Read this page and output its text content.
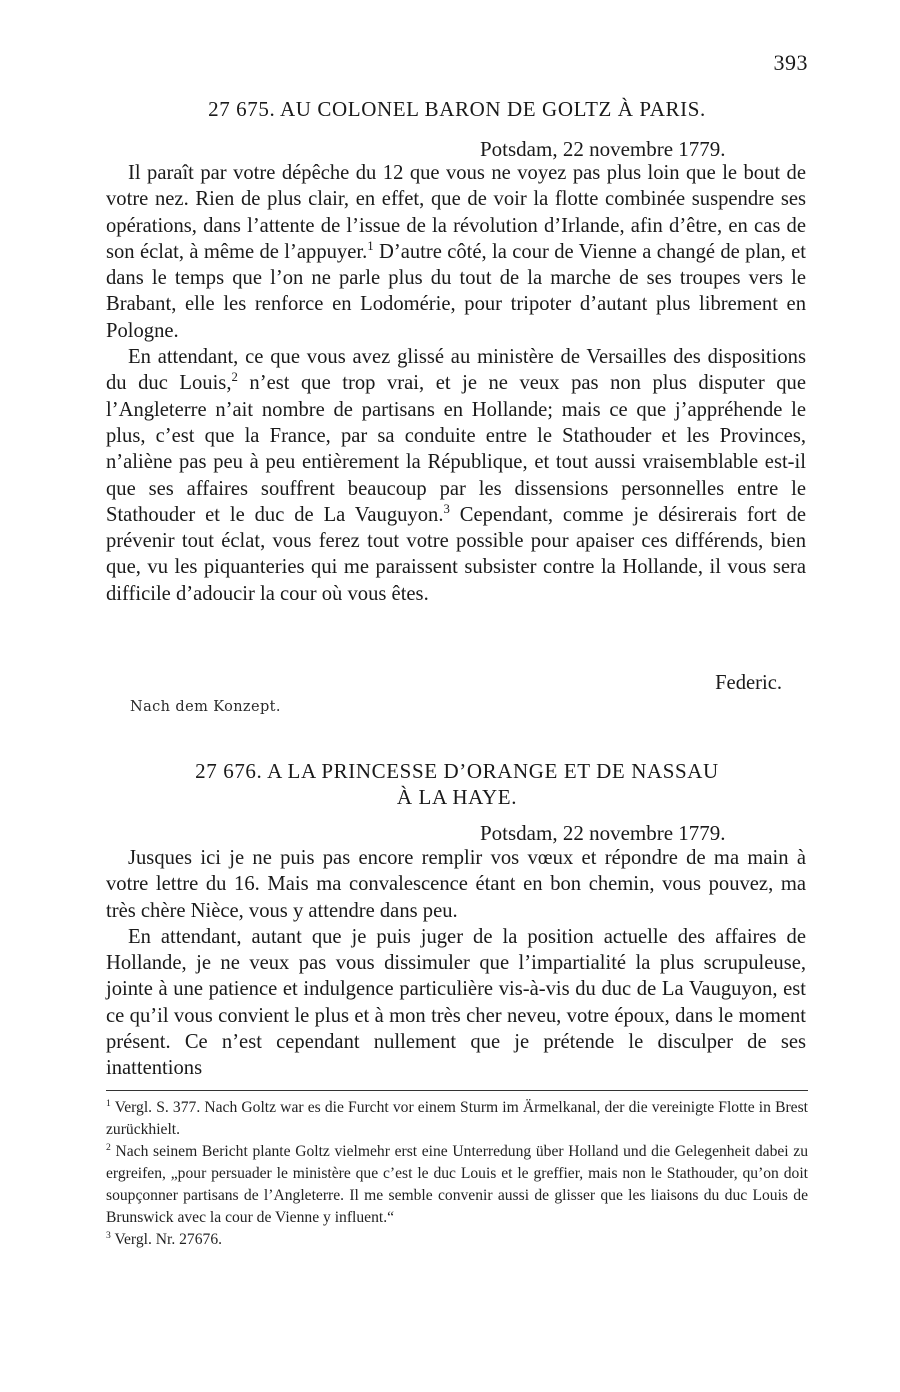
393
27 675. AU COLONEL BARON DE GOLTZ À PARIS.
Potsdam, 22 novembre 1779.

Il paraît par votre dépêche du 12 que vous ne voyez pas plus loin que le bout de votre nez. Rien de plus clair, en effet, que de voir la flotte combinée suspendre ses opérations, dans l’attente de l’issue de la révolution d’Irlande, afin d’être, en cas de son éclat, à même de l’appuyer.$^1$ D’autre côté, la cour de Vienne a changé de plan, et dans le temps que l’on ne parle plus du tout de la marche de ses troupes vers le Brabant, elle les renforce en Lodomérie, pour tripoter d’autant plus librement en Pologne.

En attendant, ce que vous avez glissé au ministère de Versailles des dispositions du duc Louis,$^2$ n’est que trop vrai, et je ne veux pas non plus disputer que l’Angleterre n’ait nombre de partisans en Hollande; mais ce que j’appréhende le plus, c’est que la France, par sa conduite entre le Stathouder et les Provinces, n’aliène pas peu à peu entièrement la République, et tout aussi vraisemblable est-il que ses affaires souffrent beaucoup par les dissensions personnelles entre le Stathouder et le duc de La Vauguyon.$^3$ Cependant, comme je désirerais fort de prévenir tout éclat, vous ferez tout votre possible pour apaiser ces différends, bien que, vu les piquanteries qui me paraissent subsister contre la Hollande, il vous sera difficile d’adoucir la cour où vous êtes.

Federic.
Nach dem Konzept.
27 676. A LA PRINCESSE D’ORANGE ET DE NASSAU
À LA HAYE.
Potsdam, 22 novembre 1779.

Jusques ici je ne puis pas encore remplir vos vœux et répondre de ma main à votre lettre du 16. Mais ma convalescence étant en bon chemin, vous pouvez, ma très chère Nièce, vous y attendre dans peu.

En attendant, autant que je puis juger de la position actuelle des affaires de Hollande, je ne veux pas vous dissimuler que l’impartialité la plus scrupuleuse, jointe à une patience et indulgence particulière vis-à-vis du duc de La Vauguyon, est ce qu’il vous convient le plus et à mon très cher neveu, votre époux, dans le moment présent. Ce n’est cependant nullement que je prétende le disculper de ses inattentions

$^1$ Vergl. S. 377. Nach Goltz war es die Furcht vor einem Sturm im Ärmelkanal, der die vereinigte Flotte in Brest zurückhielt.

$^2$ Nach seinem Bericht plante Goltz vielmehr erst eine Unterredung über Holland und die Gelegenheit dabei zu ergreifen, „pour persuader le ministère que c’est le duc Louis et le greffier, mais non le Stathouder, qu’on doit soupçonner partisans de l’Angleterre. Il me semble convenir aussi de glisser que les liaisons du duc Louis de Brunswick avec la cour de Vienne y influent.“

$^3$ Vergl. Nr. 27676.
